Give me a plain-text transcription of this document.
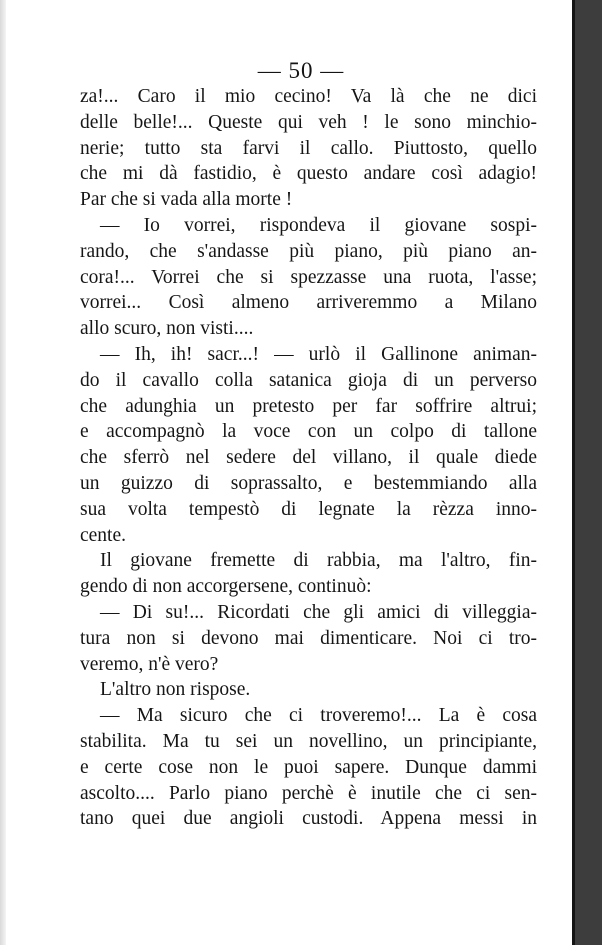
— 50 —
za!... Caro il mio cecino! Va là che ne dici
delle belle!... Queste qui veh ! le sono minchio-
nerie; tutto sta farvi il callo. Piuttosto, quello
che mi dà fastidio, è questo andare così adagio!
Par che si vada alla morte !
— Io vorrei, rispondeva il giovane sospi-
rando, che s'andasse più piano, più piano an-
cora!... Vorrei che si spezzasse una ruota, l'asse;
vorrei... Così almeno arriveremmo a Milano
allo scuro, non visti....
— Ih, ih! sacr...! — urlò il Gallinone animan-
do il cavallo colla satanica gioja di un perverso
che adunghia un pretesto per far soffrire altrui;
e accompagnò la voce con un colpo di tallone
che sferrò nel sedere del villano, il quale diede
un guizzo di soprassalto, e bestemmiando alla
sua volta tempestò di legnate la rèzza inno-
cente.
Il giovane fremette di rabbia, ma l'altro, fin-
gendo di non accorgersene, continuò:
— Di su!... Ricordati che gli amici di villeggia-
tura non si devono mai dimenticare. Noi ci tro-
veremo, n'è vero?
L'altro non rispose.
— Ma sicuro che ci troveremo!... La è cosa
stabilita. Ma tu sei un novellino, un principiante,
e certe cose non le puoi sapere. Dunque dammi
ascolto.... Parlo piano perchè è inutile che ci sen-
tano quei due angioli custodi. Appena messi in
